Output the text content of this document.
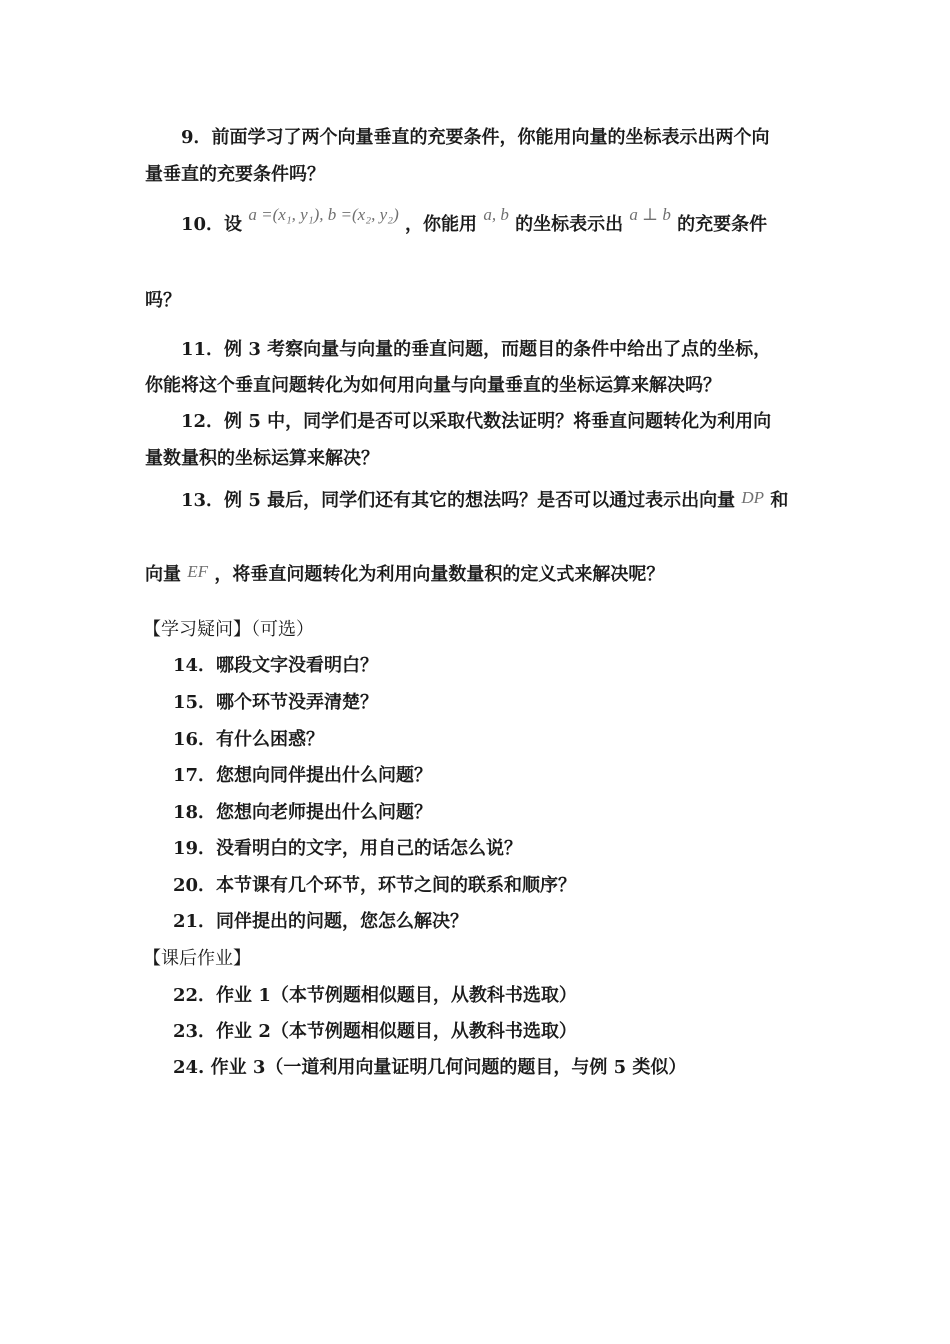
9．前面学习了两个向量垂直的充要条件，你能用向量的坐标表示出两个向
量垂直的充要条件吗？
10．设 a =(x₁, y₁), b =(x₂, y₂) ，你能用 a, b 的坐标表示出 a ⊥ b 的充要条件
吗？
11．例 3 考察向量与向量的垂直问题，而题目的条件中给出了点的坐标，
你能将这个垂直问题转化为如何用向量与向量垂直的坐标运算来解决吗？
12．例 5 中，同学们是否可以采取代数法证明？将垂直问题转化为利用向
量数量积的坐标运算来解决？
13．例 5 最后，同学们还有其它的想法吗？是否可以通过表示出向量 DP 和
向量 EF ，将垂直问题转化为利用向量数量积的定义式来解决呢？
【学习疑问】（可选）
14．哪段文字没看明白？
15．哪个环节没弄清楚？
16．有什么困惑？
17．您想向同伴提出什么问题？
18．您想向老师提出什么问题？
19．没看明白的文字，用自己的话怎么说？
20．本节课有几个环节，环节之间的联系和顺序？
21．同伴提出的问题，您怎么解决？
【课后作业】
22．作业 1（本节例题相似题目，从教科书选取）
23．作业 2（本节例题相似题目，从教科书选取）
24. 作业 3（一道利用向量证明几何问题的题目，与例 5 类似）
